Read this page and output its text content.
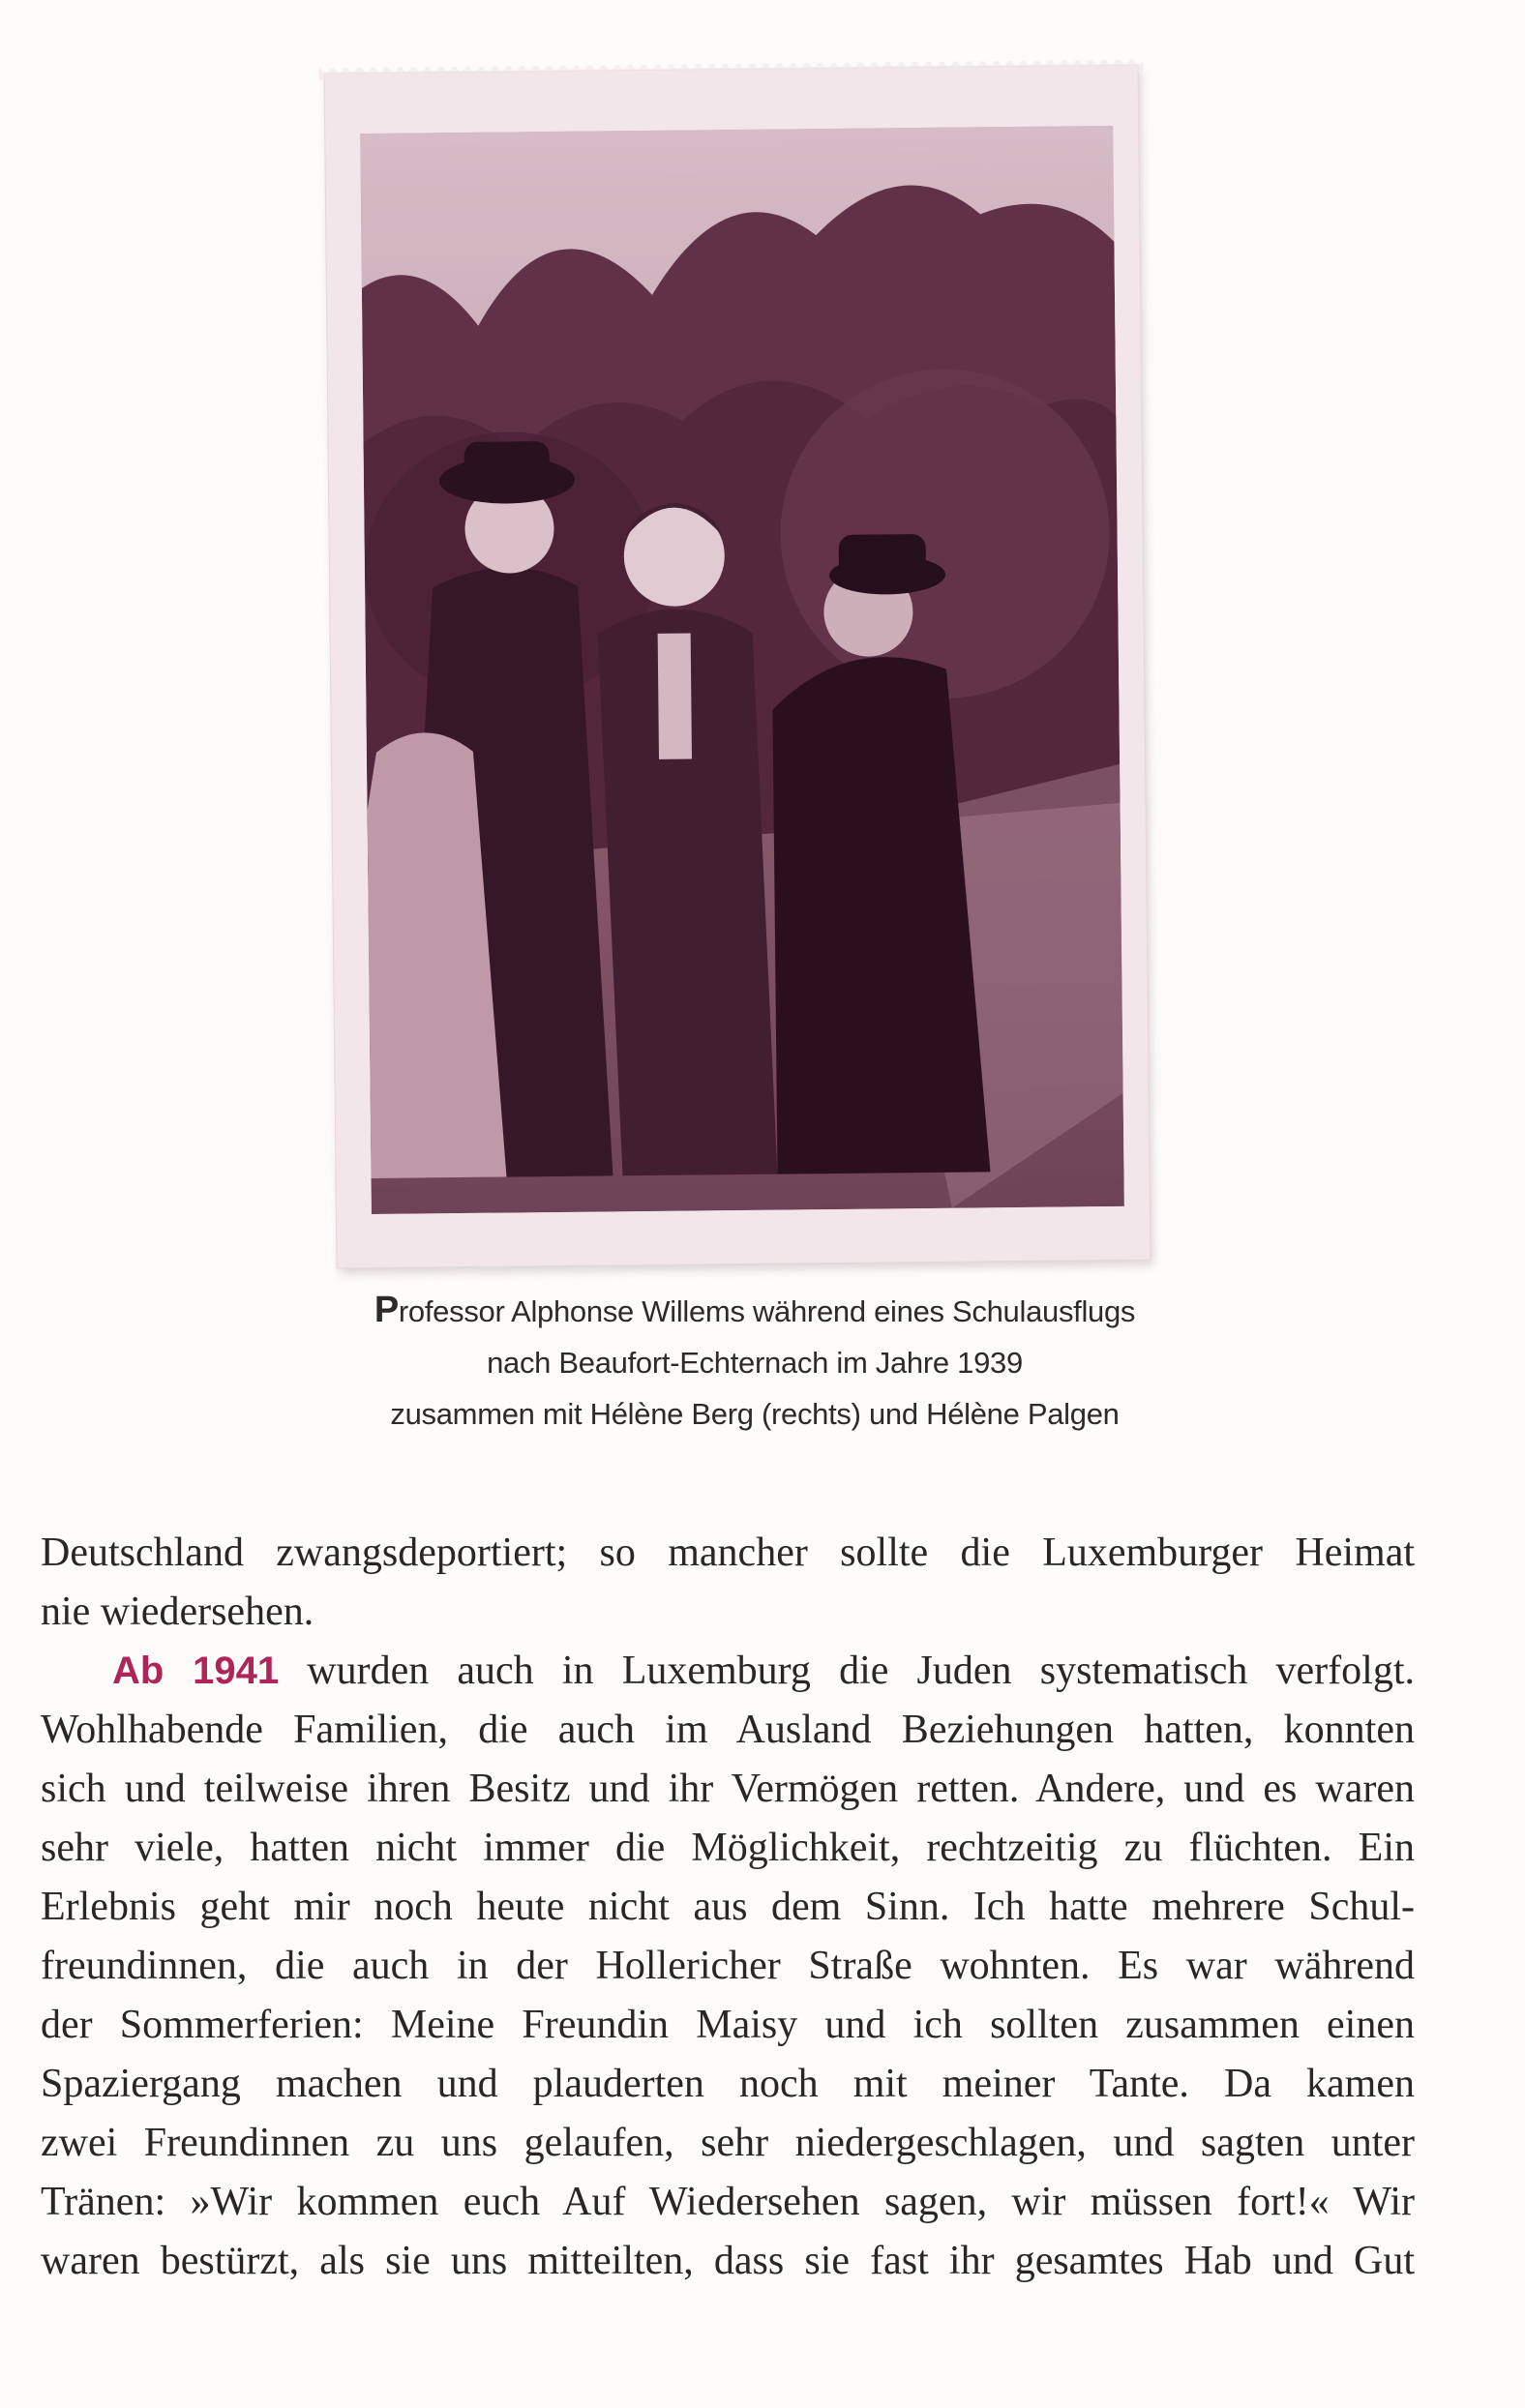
Professor Alphonse Willems während eines Schulausflugs
nach Beaufort-Echternach im Jahre 1939
zusammen mit Hélène Berg (rechts) und Hélène Palgen

Deutschland zwangsdeportiert; so mancher sollte die Luxemburger Heimat
nie wiedersehen.

Ab 1941 wurden auch in Luxemburg die Juden systematisch verfolgt.
Wohlhabende Familien, die auch im Ausland Beziehungen hatten, konnten
sich und teilweise ihren Besitz und ihr Vermögen retten. Andere, und es waren
sehr viele, hatten nicht immer die Möglichkeit, rechtzeitig zu flüchten. Ein
Erlebnis geht mir noch heute nicht aus dem Sinn. Ich hatte mehrere Schul-
freundinnen, die auch in der Hollericher Straße wohnten. Es war während
der Sommerferien: Meine Freundin Maisy und ich sollten zusammen einen
Spaziergang machen und plauderten noch mit meiner Tante. Da kamen
zwei Freundinnen zu uns gelaufen, sehr niedergeschlagen, und sagten unter
Tränen: »Wir kommen euch Auf Wiedersehen sagen, wir müssen fort!« Wir
waren bestürzt, als sie uns mitteilten, dass sie fast ihr gesamtes Hab und Gut
